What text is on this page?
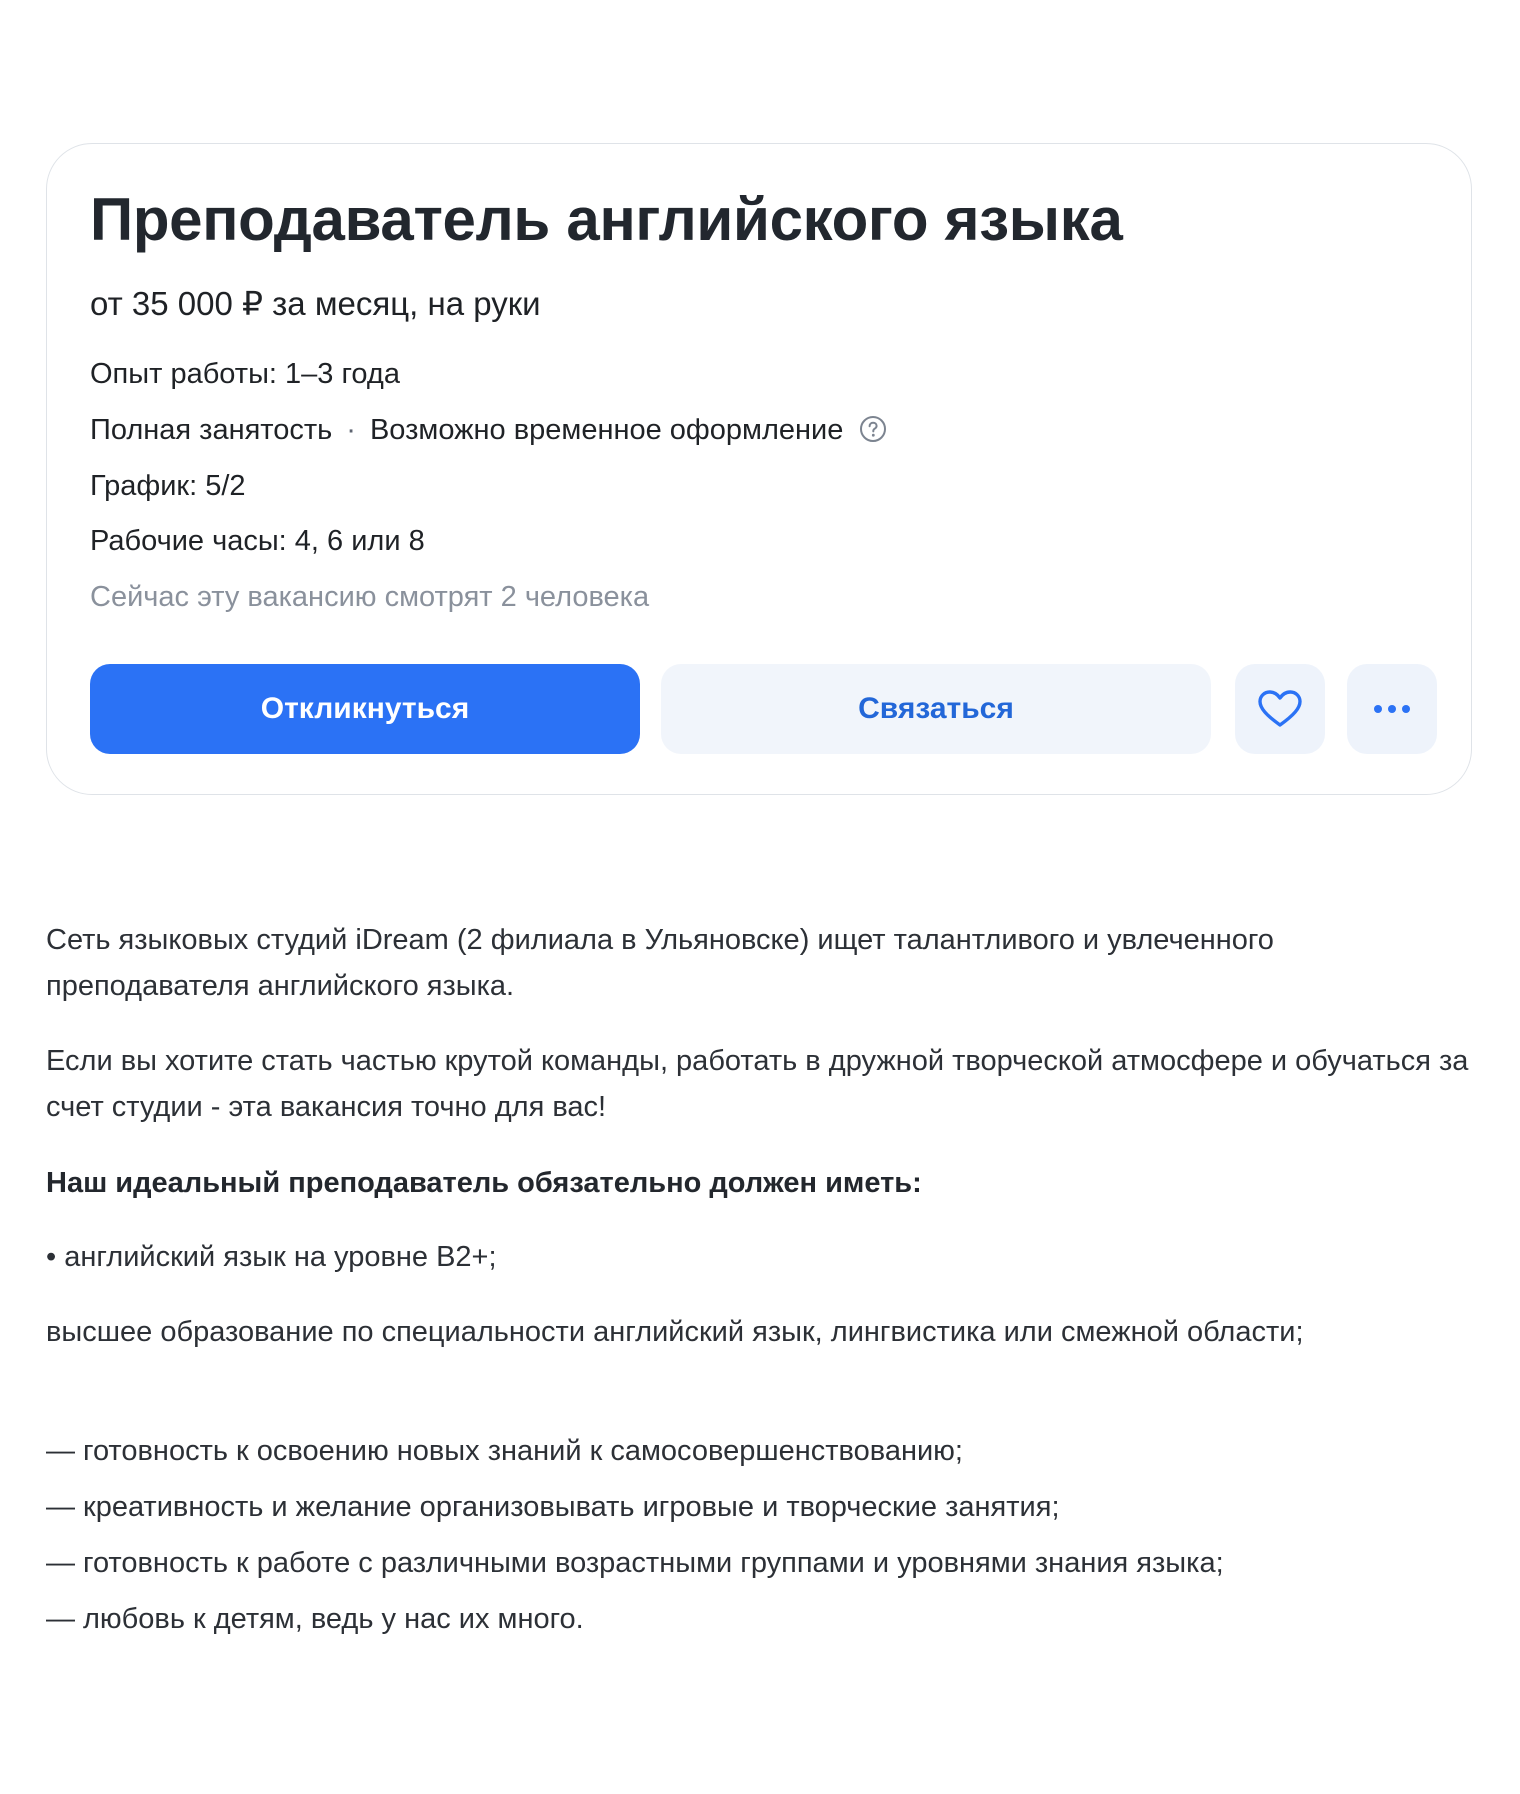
Преподаватель английского языка
от 35 000 ₽ за месяц, на руки
Опыт работы: 1–3 года
Полная занятость · Возможно временное оформление
График: 5/2
Рабочие часы: 4, 6 или 8
Сейчас эту вакансию смотрят 2 человека
Откликнуться	Связаться

Сеть языковых студий iDream (2 филиала в Ульяновске) ищет талантливого и увлеченного преподавателя английского языка.

Если вы хотите стать частью крутой команды, работать в дружной творческой атмосфере и обучаться за счет студии - эта вакансия точно для вас!

Наш идеальный преподаватель обязательно должен иметь:

• английский язык на уровне B2+;

высшее образование по специальности английский язык, лингвистика или смежной области;

— готовность к освоению новых знаний к самосовершенствованию;
— креативность и желание организовывать игровые и творческие занятия;
— готовность к работе с различными возрастными группами и уровнями знания языка;
— любовь к детям, ведь у нас их много.
